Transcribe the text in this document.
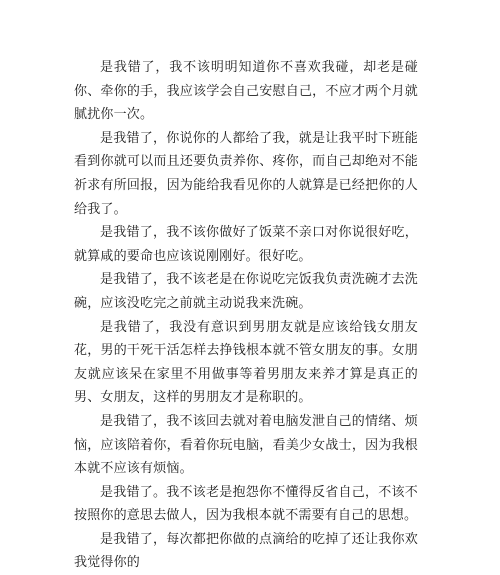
是我错了，我不该明明知道你不喜欢我碰，却老是碰你、牵你的手，我应该学会自己安慰自己，不应才两个月就腻扰你一次。

是我错了，你说你的人都给了我，就是让我平时下班能看到你就可以而且还要负责养你、疼你，而自己却绝对不能祈求有所回报，因为能给我看见你的人就算是已经把你的人给我了。

是我错了，我不该你做好了饭菜不亲口对你说很好吃，就算咸的要命也应该说刚刚好。很好吃。

是我错了，我不该老是在你说吃完饭我负责洗碗才去洗碗，应该没吃完之前就主动说我来洗碗。

是我错了，我没有意识到男朋友就是应该给钱女朋友花，男的干死干活怎样去挣钱根本就不管女朋友的事。女朋友就应该呆在家里不用做事等着男朋友来养才算是真正的男、女朋友，这样的男朋友才是称职的。

是我错了，我不该回去就对着电脑发泄自己的情绪、烦恼，应该陪着你，看着你玩电脑，看美少女战士，因为我根本就不应该有烦恼。

是我错了。我不该老是抱怨你不懂得反省自己，不该不按照你的意思去做人，因为我根本就不需要有自己的思想。

是我错了，每次都把你做的点滴给的吃掉了还让我你欢我觉得你的
